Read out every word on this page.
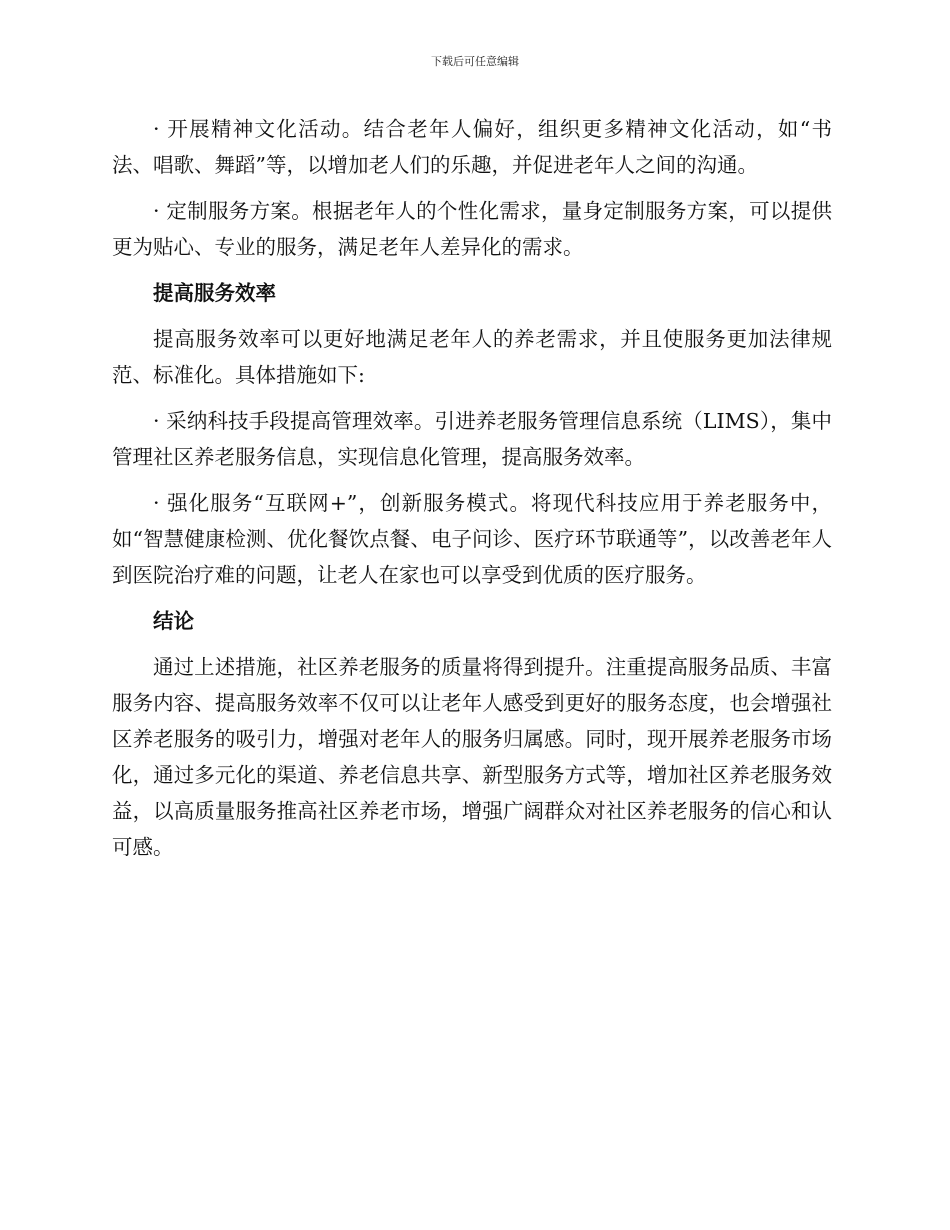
下载后可任意编辑

· 开展精神文化活动。结合老年人偏好，组织更多精神文化活动，如“书法、唱歌、舞蹈”等，以增加老人们的乐趣，并促进老年人之间的沟通。

· 定制服务方案。根据老年人的个性化需求，量身定制服务方案，可以提供更为贴心、专业的服务，满足老年人差异化的需求。

提高服务效率

提高服务效率可以更好地满足老年人的养老需求，并且使服务更加法律规范、标准化。具体措施如下:

· 采纳科技手段提高管理效率。引进养老服务管理信息系统（LIMS），集中管理社区养老服务信息，实现信息化管理，提高服务效率。

· 强化服务“互联网+”，创新服务模式。将现代科技应用于养老服务中，如“智慧健康检测、优化餐饮点餐、电子问诊、医疗环节联通等”，以改善老年人到医院治疗难的问题，让老人在家也可以享受到优质的医疗服务。

结论

通过上述措施，社区养老服务的质量将得到提升。注重提高服务品质、丰富服务内容、提高服务效率不仅可以让老年人感受到更好的服务态度，也会增强社区养老服务的吸引力，增强对老年人的服务归属感。同时，现开展养老服务市场化，通过多元化的渠道、养老信息共享、新型服务方式等，增加社区养老服务效益，以高质量服务推高社区养老市场，增强广阔群众对社区养老服务的信心和认可感。
